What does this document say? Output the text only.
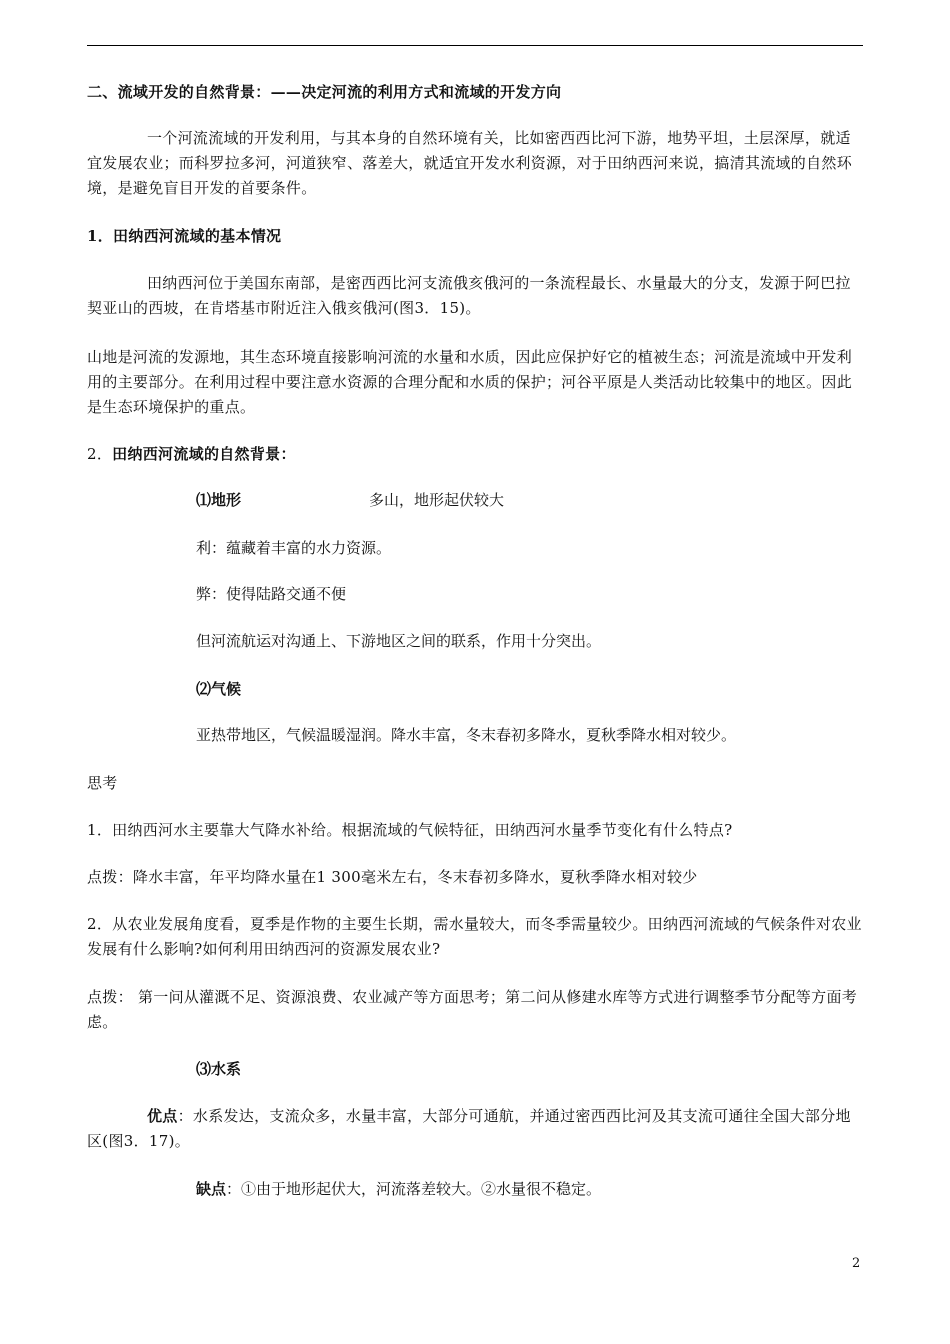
二、流域开发的自然背景：——决定河流的利用方式和流域的开发方向

一个河流流域的开发利用，与其本身的自然环境有关，比如密西西比河下游，地势平坦，土层深厚，就适宜发展农业；而科罗拉多河，河道狭窄、落差大，就适宜开发水利资源，对于田纳西河来说，搞清其流域的自然环境，是避免盲目开发的首要条件。

1．田纳西河流域的基本情况

田纳西河位于美国东南部，是密西西比河支流俄亥俄河的一条流程最长、水量最大的分支，发源于阿巴拉契亚山的西坡，在肯塔基市附近注入俄亥俄河(图3．15)。

山地是河流的发源地，其生态环境直接影响河流的水量和水质，因此应保护好它的植被生态；河流是流域中开发利用的主要部分。在利用过程中要注意水资源的合理分配和水质的保护；河谷平原是人类活动比较集中的地区。因此是生态环境保护的重点。

2．田纳西河流域的自然背景：

⑴地形	多山，地形起伏较大

利：蕴藏着丰富的水力资源。

弊：使得陆路交通不便

但河流航运对沟通上、下游地区之间的联系，作用十分突出。

⑵气候

亚热带地区，气候温暖湿润。降水丰富，冬末春初多降水，夏秋季降水相对较少。

思考

1．田纳西河水主要靠大气降水补给。根据流域的气候特征，田纳西河水量季节变化有什么特点?

点拨：降水丰富，年平均降水量在1 300毫米左右，冬末春初多降水，夏秋季降水相对较少

2．从农业发展角度看，夏季是作物的主要生长期，需水量较大，而冬季需量较少。田纳西河流域的气候条件对农业发展有什么影响?如何利用田纳西河的资源发展农业?

点拨： 第一问从灌溉不足、资源浪费、农业减产等方面思考；第二问从修建水库等方式进行调整季节分配等方面考虑。

⑶水系

优点：水系发达，支流众多，水量丰富，大部分可通航，并通过密西西比河及其支流可通往全国大部分地区(图3．17)。

缺点：①由于地形起伏大，河流落差较大。②水量很不稳定。

2
